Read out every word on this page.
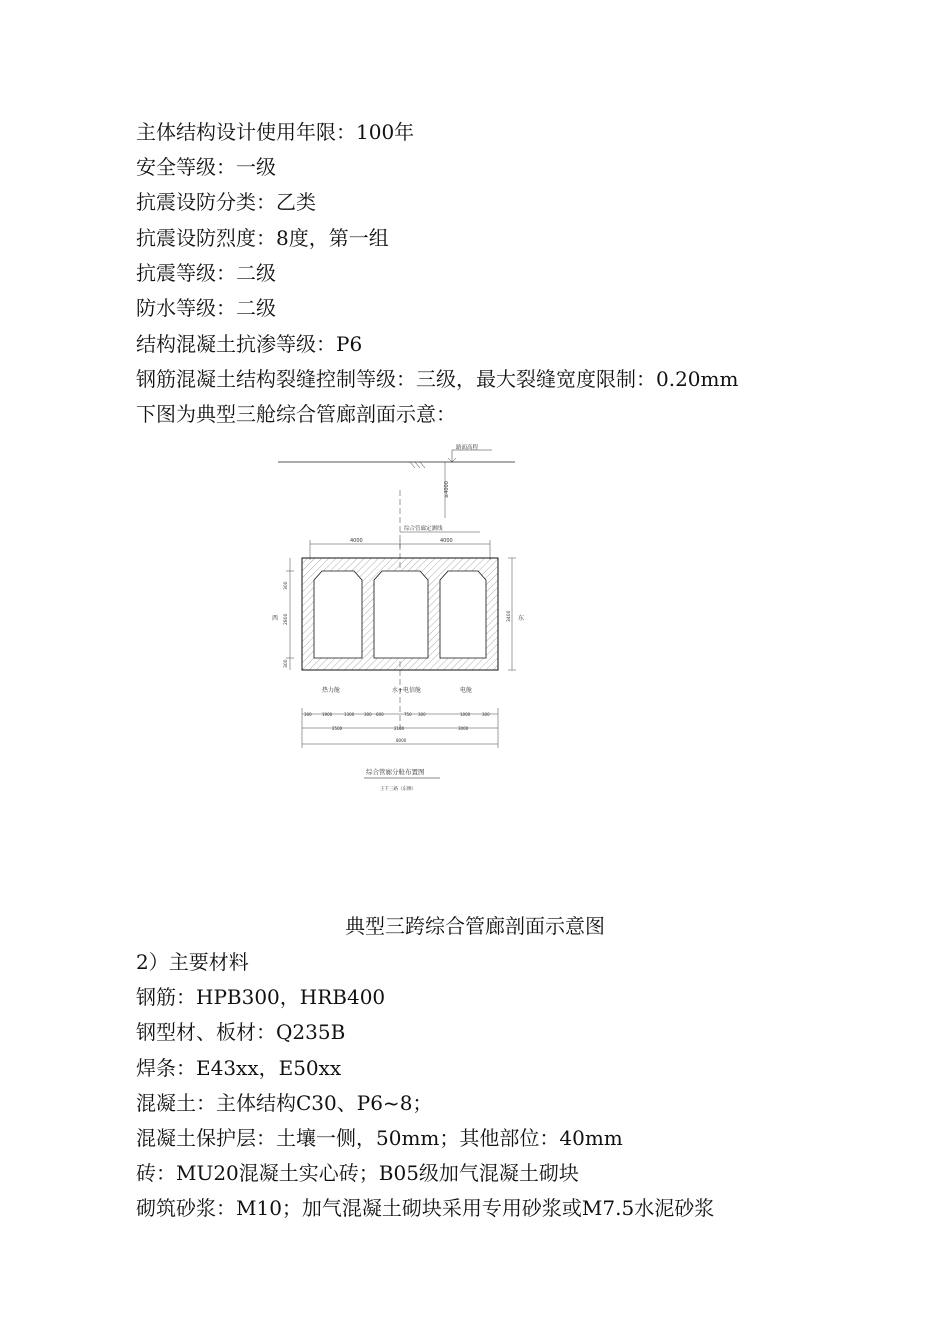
主体结构设计使用年限：100年
安全等级：一级
抗震设防分类：乙类
抗震设防烈度：8度，第一组
抗震等级：二级
防水等级：二级
结构混凝土抗渗等级：P6
钢筋混凝土结构裂缝控制等级：三级，最大裂缝宽度限制：0.20mm
下图为典型三舱综合管廊剖面示意：
路面高程
≥4000
综合管廊定测线
4000	4000
300
2800
300
西	3400 东
热力舱	水+电信舱	电舱
300	1900	1300 300 600	750 300	1000	300
2500	2100	3000
8000
综合管廊分舱布置图
王千三路（东侧）
典型三跨综合管廊剖面示意图
2）主要材料
钢筋：HPB300，HRB400
钢型材、板材：Q235B
焊条：E43xx，E50xx
混凝土：主体结构C30、P6~8；
混凝土保护层：土壤一侧，50mm；其他部位：40mm
砖：MU20混凝土实心砖；B05级加气混凝土砌块
砌筑砂浆：M10；加气混凝土砌块采用专用砂浆或M7.5水泥砂浆
